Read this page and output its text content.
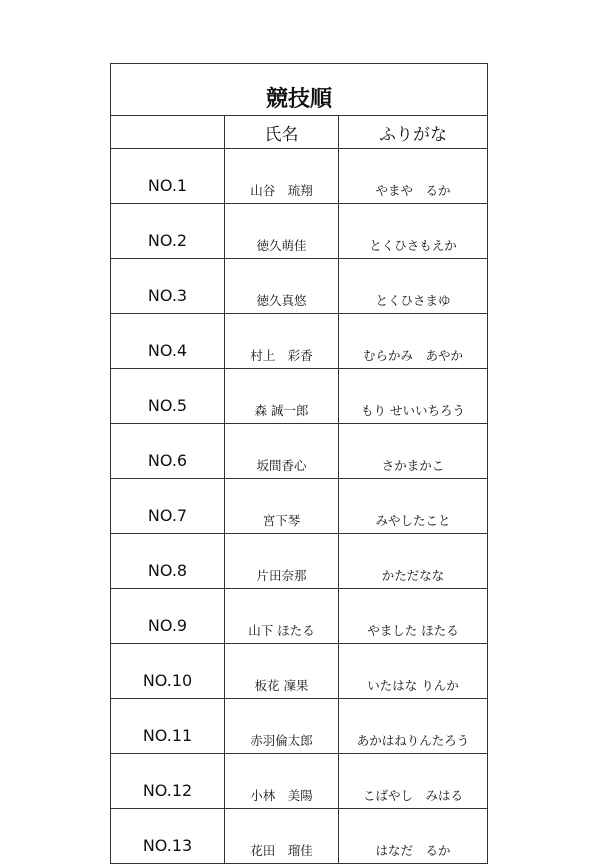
競技順		
	氏名	ふりがな
NO.1	山谷　琉翔	やまや　るか
NO.2	徳久萌佳	とくひさもえか
NO.3	徳久真悠	とくひさまゆ
NO.4	村上　彩香	むらかみ　あやか
NO.5	森 誠一郎	もり せいいちろう
NO.6	坂間香心	さかまかこ
NO.7	宮下琴	みやしたこと
NO.8	片田奈那	かただなな
NO.9	山下 ほたる	やました ほたる
NO.10	板花 凜果	いたはな りんか
NO.11	赤羽倫太郎	あかはねりんたろう
NO.12	小林　美陽	こばやし　みはる
NO.13	花田　瑠佳	はなだ　るか
